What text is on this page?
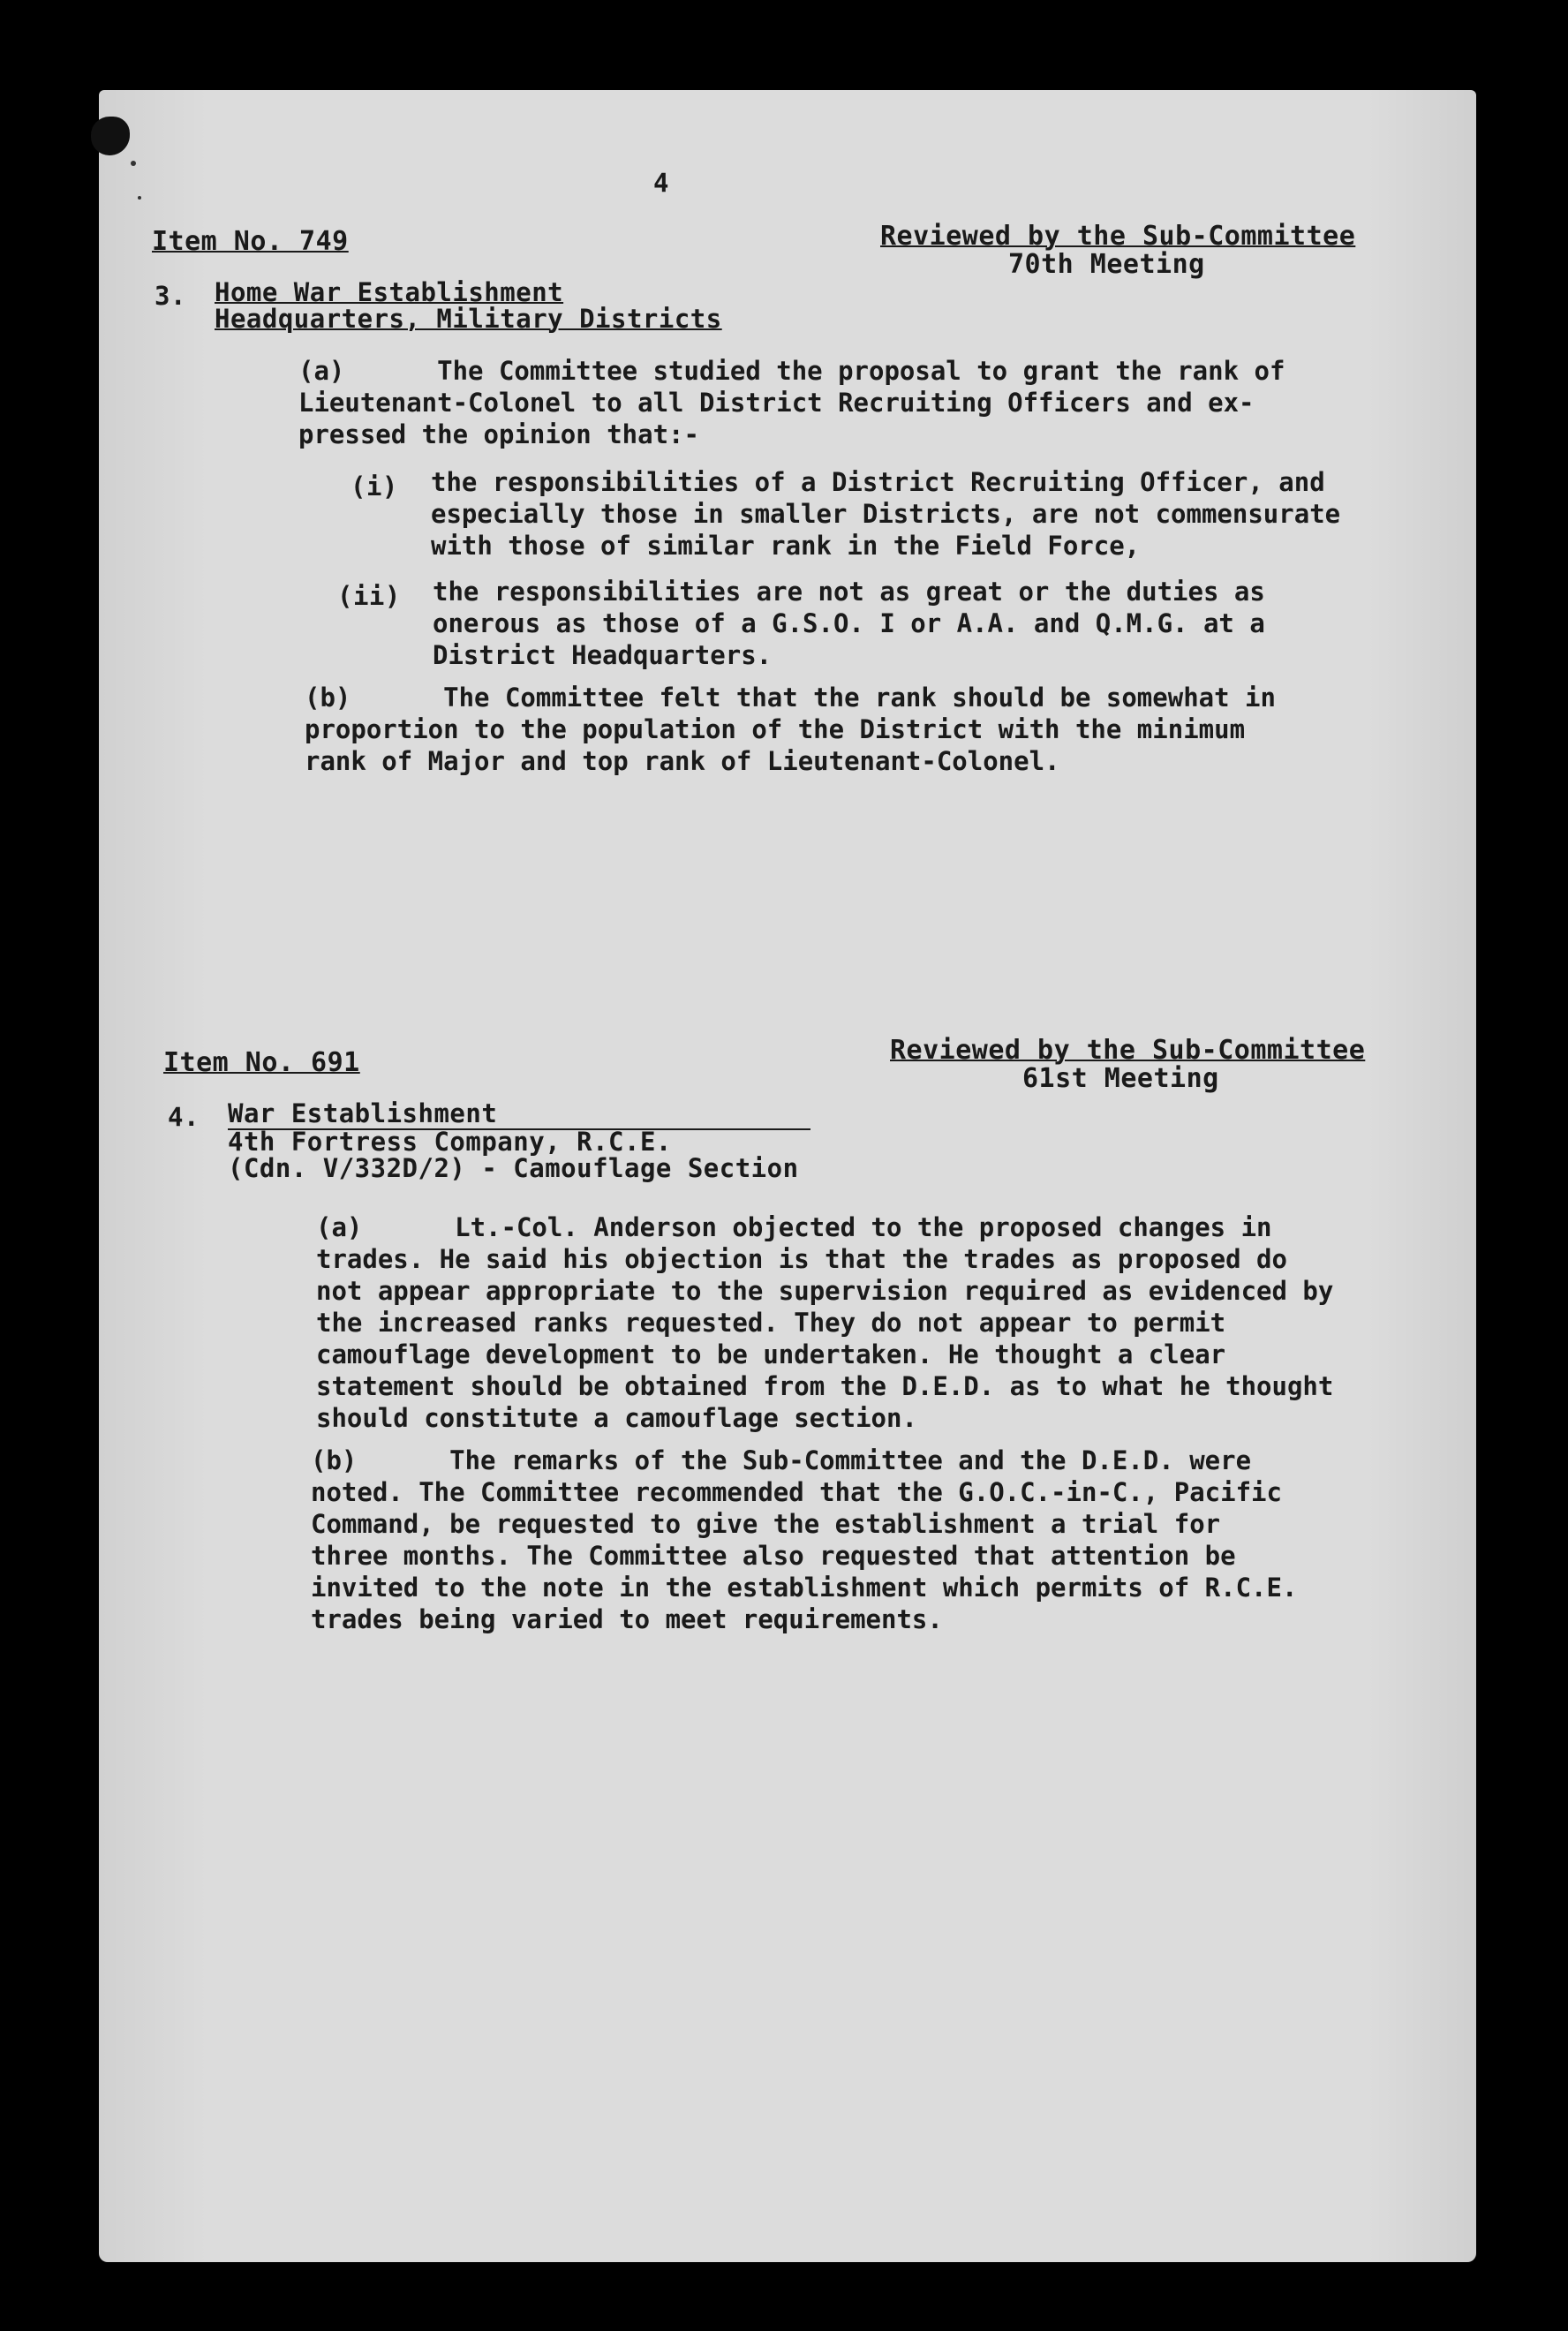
4
Item No. 749	Reviewed by the Sub-Committee
70th Meeting
3. Home War Establishment
Headquarters, Military Districts
(a)      The Committee studied the proposal to grant the rank of
Lieutenant-Colonel to all District Recruiting Officers and ex-
pressed the opinion that:-
(i) the responsibilities of a District Recruiting Officer, and
especially those in smaller Districts, are not commensurate
with those of similar rank in the Field Force,
(ii) the responsibilities are not as great or the duties as
onerous as those of a G.S.O. I or A.A. and Q.M.G. at a
District Headquarters.
(b)      The Committee felt that the rank should be somewhat in
proportion to the population of the District with the minimum
rank of Major and top rank of Lieutenant-Colonel.
Item No. 691	Reviewed by the Sub-Committee
61st Meeting
4. War Establishment
4th Fortress Company, R.C.E.
(Cdn. V/332D/2) - Camouflage Section
(a)      Lt.-Col. Anderson objected to the proposed changes in
trades. He said his objection is that the trades as proposed do
not appear appropriate to the supervision required as evidenced by
the increased ranks requested. They do not appear to permit
camouflage development to be undertaken. He thought a clear
statement should be obtained from the D.E.D. as to what he thought
should constitute a camouflage section.
(b)      The remarks of the Sub-Committee and the D.E.D. were
noted. The Committee recommended that the G.O.C.-in-C., Pacific
Command, be requested to give the establishment a trial for
three months. The Committee also requested that attention be
invited to the note in the establishment which permits of R.C.E.
trades being varied to meet requirements.
